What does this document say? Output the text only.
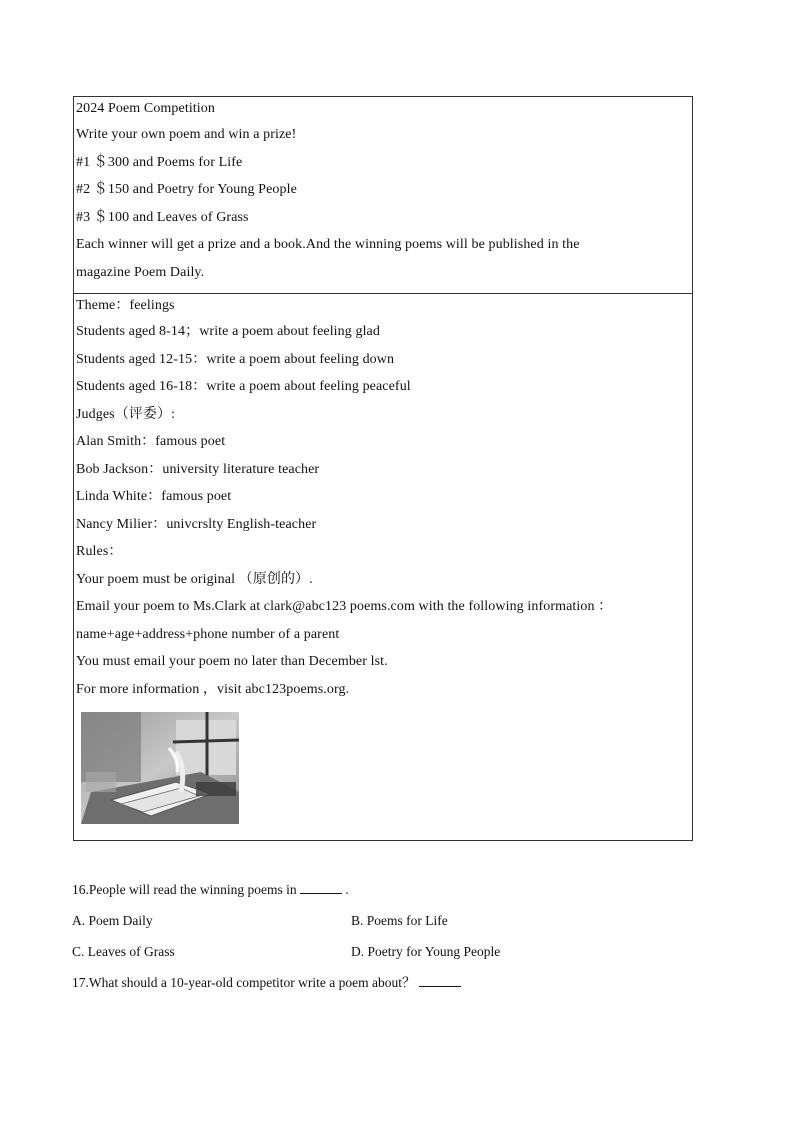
2024 Poem Competition
Write your own poem and win a prize!
#1 ＄300 and Poems for Life
#2 ＄150 and Poetry for Young People
#3 ＄100 and Leaves of Grass
Each winner will get a prize and a book.And the winning poems will be published in the
magazine Poem Daily.
Theme：feelings
Students aged 8-14；write a poem about feeling glad
Students aged 12-15：write a poem about feeling down
Students aged 16-18：write a poem about feeling peaceful
Judges（评委）:
Alan Smith：famous poet
Bob Jackson：university literature teacher
Linda White：famous poet
Nancy Milier：univcrslty English-teacher
Rules：
Your poem must be original （原创的）.
Email your poem to Ms.Clark at clark@abc123 poems.com with the following information ：
name+age+address+phone number of a parent
You must email your poem no later than December lst.
For more information ，visit abc123poems.org.
16.People will read the winning poems in	.
A. Poem Daily	B. Poems for Life
C. Leaves of Grass	D. Poetry for Young People
17.What should a 10-year-old competitor write a poem about？
